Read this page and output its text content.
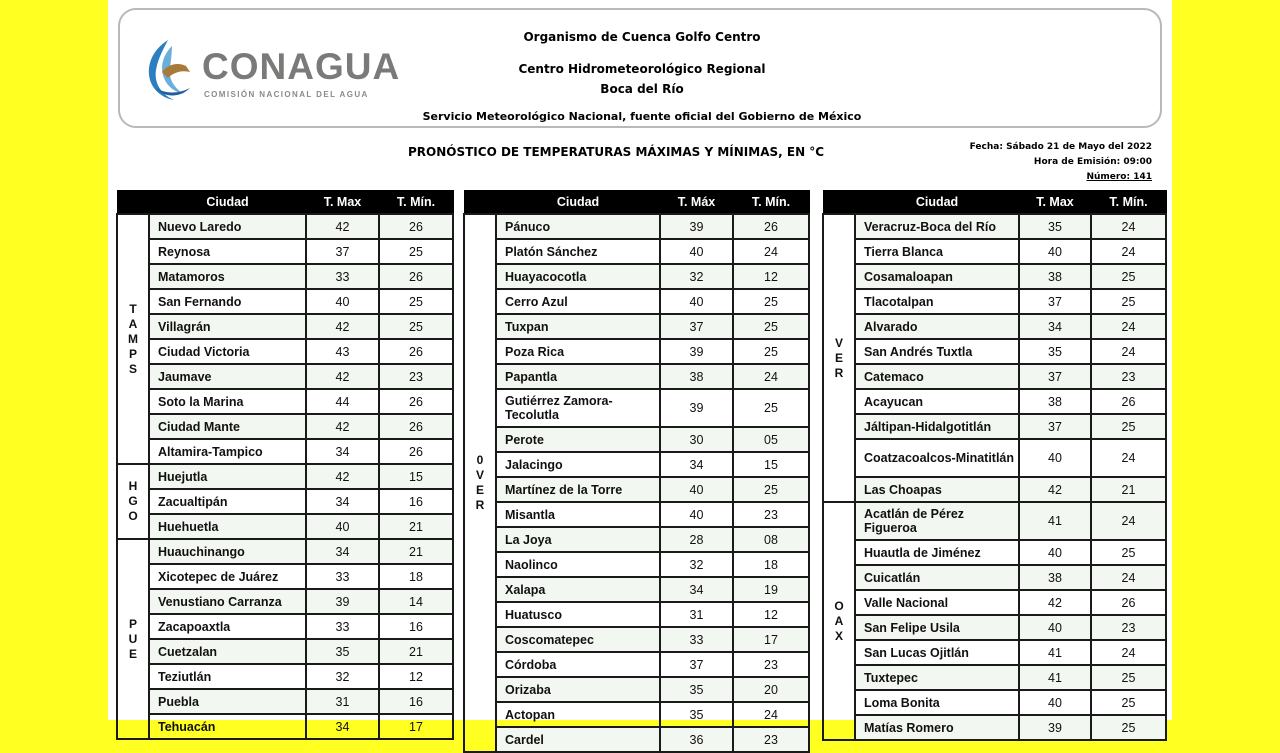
CONAGUA
COMISIÓN NACIONAL DEL AGUA
Organismo de Cuenca Golfo Centro
Centro Hidrometeorológico Regional
Boca del Río
Servicio Meteorológico Nacional, fuente oficial del Gobierno de México
PRONÓSTICO DE TEMPERATURAS MÁXIMAS Y MÍNIMAS, EN °C	Fecha: Sábado 21 de Mayo del 2022
Hora de Emisión: 09:00
Número: 141
	Ciudad	T. Max	T. Mín.

TAMPS	Nuevo Laredo	42	26
	Reynosa	37	25
	Matamoros	33	26
	San Fernando	40	25
	Villagrán	42	25
	Ciudad Victoria	43	26
	Jaumave	42	23
	Soto la Marina	44	26
	Ciudad Mante	42	26
	Altamira-Tampico	34	26

HGO	Huejutla	42	15
	Zacualtipán	34	16
	Huehuetla	40	21

PUE	Huauchinango	34	21
	Xicotepec de Juárez	33	18
	Venustiano Carranza	39	14
	Zacapoaxtla	33	16
	Cuetzalan	35	21
	Teziutlán	32	12
	Puebla	31	16
	Tehuacán	34	17
	Ciudad	T. Máx	T. Mín.

0VER	Pánuco	39	26
	Platón Sánchez	40	24
	Huayacocotla	32	12
	Cerro Azul	40	25
	Tuxpan	37	25
	Poza Rica	39	25
	Papantla	38	24
	Gutiérrez Zamora-Tecolutla	39	25
	Perote	30	05
	Jalacingo	34	15
	Martínez de la Torre	40	25
	Misantla	40	23
	La Joya	28	08
	Naolinco	32	18
	Xalapa	34	19
	Huatusco	31	12
	Coscomatepec	33	17
	Córdoba	37	23
	Orizaba	35	20
	Actopan	35	24
	Cardel	36	23
	Ciudad	T. Max	T. Mín.

VER	Veracruz-Boca del Río	35	24
	Tierra Blanca	40	24
	Cosamaloapan	38	25
	Tlacotalpan	37	25
	Alvarado	34	24
	San Andrés Tuxtla	35	24
	Catemaco	37	23
	Acayucan	38	26
	Jáltipan-Hidalgotitlán	37	25
	Coatzacoalcos-Minatitlán	40	24
	Las Choapas	42	21

OAX	Acatlán de Pérez Figueroa	41	24
	Huautla de Jiménez	40	25
	Cuicatlán	38	24
	Valle Nacional	42	26
	San Felipe Usila	40	23
	San Lucas Ojitlán	41	24
	Tuxtepec	41	25
	Loma Bonita	40	25
	Matías Romero	39	25
